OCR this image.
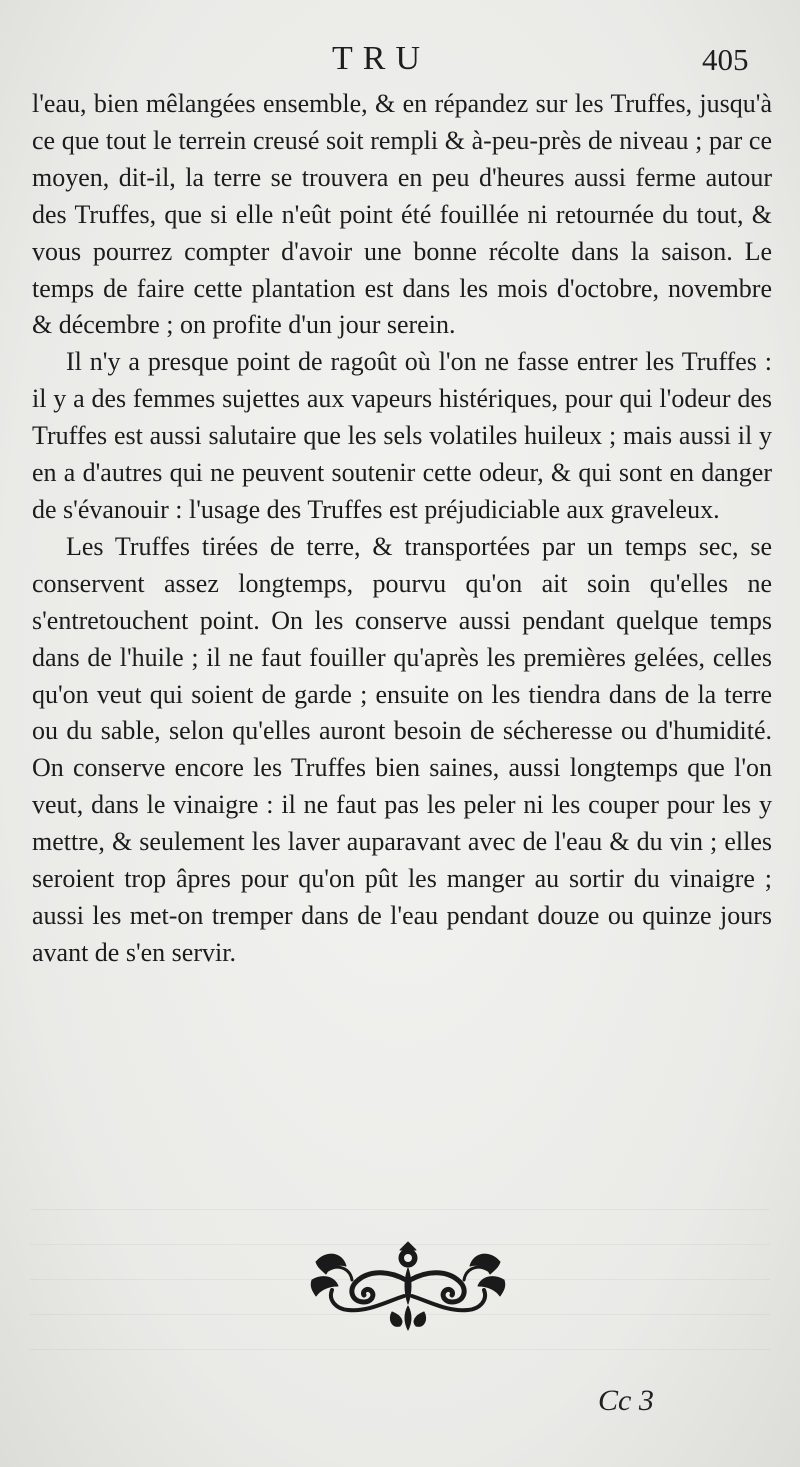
TRU	405

l'eau, bien mêlangées ensemble, & en répandez sur les Truffes, jusqu'à ce que tout le terrein creusé soit rempli & à-peu-près de niveau ; par ce moyen, dit-il, la terre se trouvera en peu d'heures aussi ferme autour des Truffes, que si elle n'eût point été fouillée ni retournée du tout, & vous pourrez compter d'avoir une bonne récolte dans la saison. Le temps de faire cette plantation est dans les mois d'octobre, novembre & décembre ; on profite d'un jour serein.

Il n'y a presque point de ragoût où l'on ne fasse entrer les Truffes : il y a des femmes sujettes aux vapeurs histériques, pour qui l'odeur des Truffes est aussi salutaire que les sels volatiles huileux ; mais aussi il y en a d'autres qui ne peuvent soutenir cette odeur, & qui sont en danger de s'évanouir : l'usage des Truffes est préjudiciable aux graveleux.

Les Truffes tirées de terre, & transportées par un temps sec, se conservent assez longtemps, pourvu qu'on ait soin qu'elles ne s'entretouchent point. On les conserve aussi pendant quelque temps dans de l'huile ; il ne faut fouiller qu'après les premières gelées, celles qu'on veut qui soient de garde ; ensuite on les tiendra dans de la terre ou du sable, selon qu'elles auront besoin de sécheresse ou d'humidité. On conserve encore les Truffes bien saines, aussi longtemps que l'on veut, dans le vinaigre : il ne faut pas les peler ni les couper pour les y mettre, & seulement les laver auparavant avec de l'eau & du vin ; elles seroient trop âpres pour qu'on pût les manger au sortir du vinaigre ; aussi les met-on tremper dans de l'eau pendant douze ou quinze jours avant de s'en servir.

Cc 3
